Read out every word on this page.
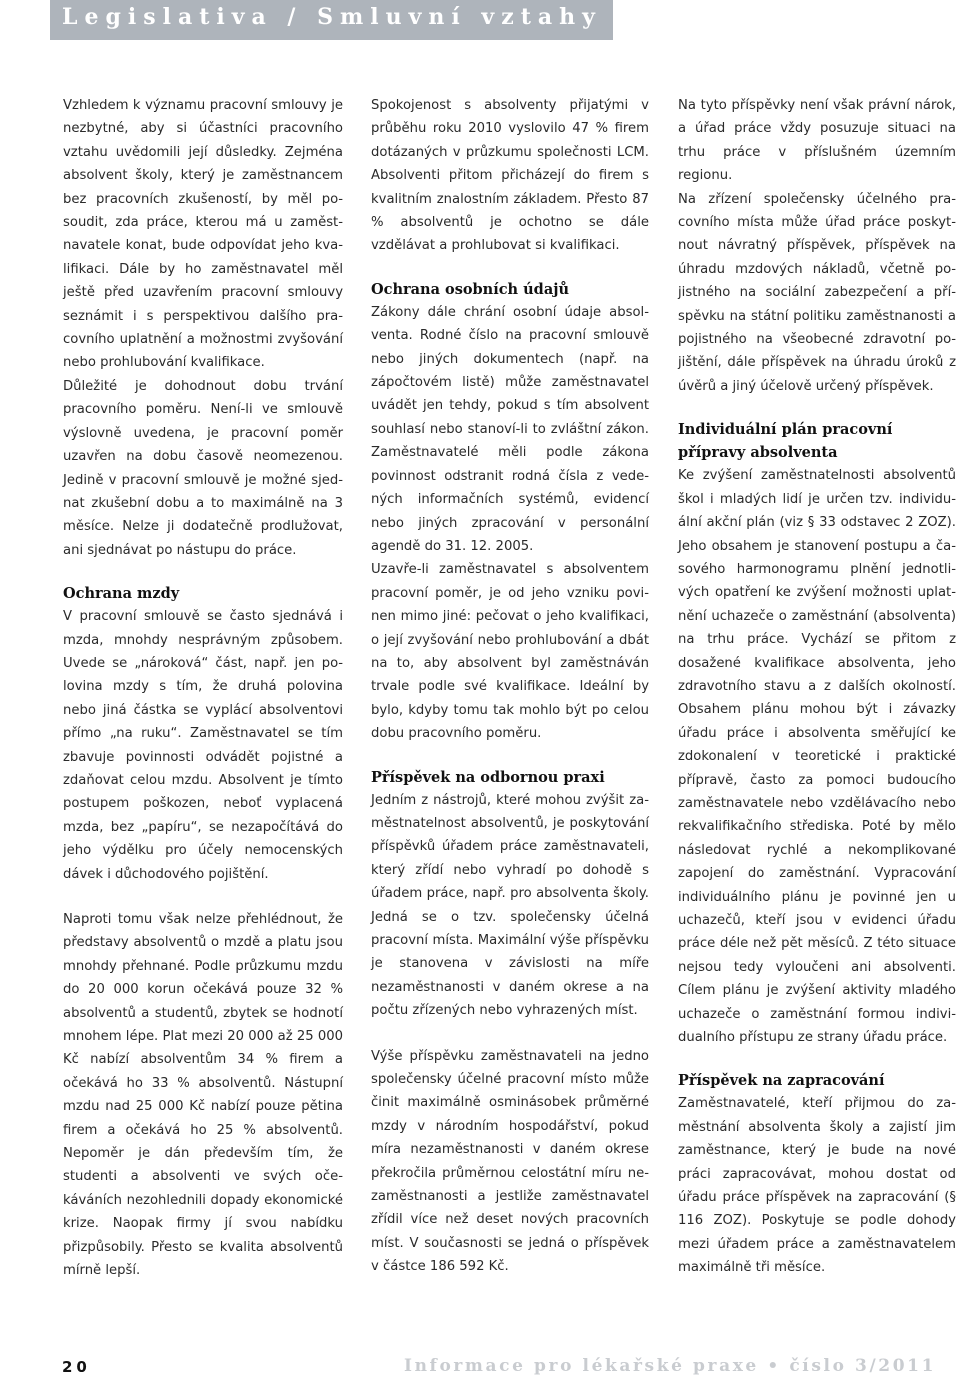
Legislativa / Smluvní vztahy

Vzhledem k významu pracovní smlouvy je nezbytné, aby si účastníci pracovního vztahu uvědomili její důsledky. Zejména absolvent školy, který je zaměstnancem bez pracovních zkušeností, by měl posoudit, zda práce, kterou má u zaměstnavatele konat, bude odpovídat jeho kvalifikaci. Dále by ho zaměstnavatel měl ještě před uzavřením pracovní smlouvy seznámit i s perspektivou dalšího pracovního uplatnění a možnostmi zvyšování nebo prohlubování kvalifikace.

Důležité je dohodnout dobu trvání pracovního poměru. Není-li ve smlouvě výslovně uvedena, je pracovní poměr uzavřen na dobu časově neomezenou. Jedině v pracovní smlouvě je možné sjednat zkušební dobu a to maximálně na 3 měsíce. Nelze ji dodatečně prodlužovat, ani sjednávat po nástupu do práce.

Ochrana mzdy

V pracovní smlouvě se často sjednává i mzda, mnohdy nesprávným způsobem. Uvede se „nároková“ část, např. jen polovina mzdy s tím, že druhá polovina nebo jiná částka se vyplácí absolventovi přímo „na ruku“. Zaměstnavatel se tím zbavuje povinnosti odvádět pojistné a zdaňovat celou mzdu. Absolvent je tímto postupem poškozen, neboť vyplacená mzda, bez „papíru“, se nezapočítává do jeho výdělku pro účely nemocenských dávek i důchodového pojištění.

Naproti tomu však nelze přehlédnout, že představy absolventů o mzdě a platu jsou mnohdy přehnané. Podle průzkumu mzdu do 20 000 korun očekává pouze 32 % absolventů a studentů, zbytek se hodnotí mnohem lépe. Plat mezi 20 000 až 25 000 Kč nabízí absolventům 34 % firem a očekává ho 33 % absolventů. Nástupní mzdu nad 25 000 Kč nabízí pouze pětina firem a očekává ho 25 % absolventů. Nepoměr je dán především tím, že studenti a absolventi ve svých očekáváních nezohlednili dopady ekonomické krize. Naopak firmy jí svou nabídku přizpůsobily. Přesto se kvalita absolventů mírně lepší.

Spokojenost s absolventy přijatými v průběhu roku 2010 vyslovilo 47 % firem dotázaných v průzkumu společnosti LCM. Absolventi přitom přicházejí do firem s kvalitním znalostním základem. Přesto 87 % absolventů je ochotno se dále vzdělávat a prohlubovat si kvalifikaci.

Ochrana osobních údajů

Zákony dále chrání osobní údaje absolventa. Rodné číslo na pracovní smlouvě nebo jiných dokumentech (např. na zápočtovém listě) může zaměstnavatel uvádět jen tehdy, pokud s tím absolvent souhlasí nebo stanoví-li to zvláštní zákon. Zaměstnavatelé měli podle zákona povinnost odstranit rodná čísla z vedených informačních systémů, evidencí nebo jiných zpracování v personální agendě do 31. 12. 2005.

Uzavře-li zaměstnavatel s absolventem pracovní poměr, je od jeho vzniku povinen mimo jiné: pečovat o jeho kvalifikaci, o její zvyšování nebo prohlubování a dbát na to, aby absolvent byl zaměstnáván trvale podle své kvalifikace. Ideální by bylo, kdyby tomu tak mohlo být po celou dobu pracovního poměru.

Příspěvek na odbornou praxi

Jedním z nástrojů, které mohou zvýšit zaměstnatelnost absolventů, je poskytování příspěvků úřadem práce zaměstnavateli, který zřídí nebo vyhradí po dohodě s úřadem práce, např. pro absolventa školy. Jedná se o tzv. společensky účelná pracovní místa. Maximální výše příspěvku je stanovena v závislosti na míře nezaměstnanosti v daném okrese a na počtu zřízených nebo vyhrazených míst.

Výše příspěvku zaměstnavateli na jedno společensky účelné pracovní místo může činit maximálně osminásobek průměrné mzdy v národním hospodářství, pokud míra nezaměstnanosti v daném okrese překročila průměrnou celostátní míru nezaměstnanosti a jestliže zaměstnavatel zřídil více než deset nových pracovních míst. V současnosti se jedná o příspěvek v částce 186 592 Kč.

Na tyto příspěvky není však právní nárok, a úřad práce vždy posuzuje situaci na trhu práce v příslušném územním regionu.

Na zřízení společensky účelného pracovního místa může úřad práce poskytnout návratný příspěvek, příspěvek na úhradu mzdových nákladů, včetně pojistného na sociální zabezpečení a příspěvku na státní politiku zaměstnanosti a pojistného na všeobecné zdravotní pojištění, dále příspěvek na úhradu úroků z úvěrů a jiný účelově určený příspěvek.

Individuální plán pracovní přípravy absolventa

Ke zvýšení zaměstnatelnosti absolventů škol i mladých lidí je určen tzv. individuální akční plán (viz § 33 odstavec 2 ZOZ). Jeho obsahem je stanovení postupu a časového harmonogramu plnění jednotlivých opatření ke zvýšení možnosti uplatnění uchazeče o zaměstnání (absolventa) na trhu práce. Vychází se přitom z dosažené kvalifikace absolventa, jeho zdravotního stavu a z dalších okolností. Obsahem plánu mohou být i závazky úřadu práce i absolventa směřující ke zdokonalení v teoretické i praktické přípravě, často za pomoci budoucího zaměstnavatele nebo vzdělávacího nebo rekvalifikačního střediska. Poté by mělo následovat rychlé a nekomplikované zapojení do zaměstnání. Vypracování individuálního plánu je povinné jen u uchazečů, kteří jsou v evidenci úřadu práce déle než pět měsíců. Z této situace nejsou tedy vyloučeni ani absolventi. Cílem plánu je zvýšení aktivity mladého uchazeče o zaměstnání formou individualního přístupu ze strany úřadu práce.

Příspěvek na zapracování

Zaměstnavatelé, kteří přijmou do zaměstnání absolventa školy a zajistí jim zaměstnance, který je bude na nové práci zapracovávat, mohou dostat od úřadu práce příspěvek na zapracování (§ 116 ZOZ). Poskytuje se podle dohody mezi úřadem práce a zaměstnavatelem maximálně tři měsíce.

20	Informace pro lékařské praxe • číslo 3/2011
